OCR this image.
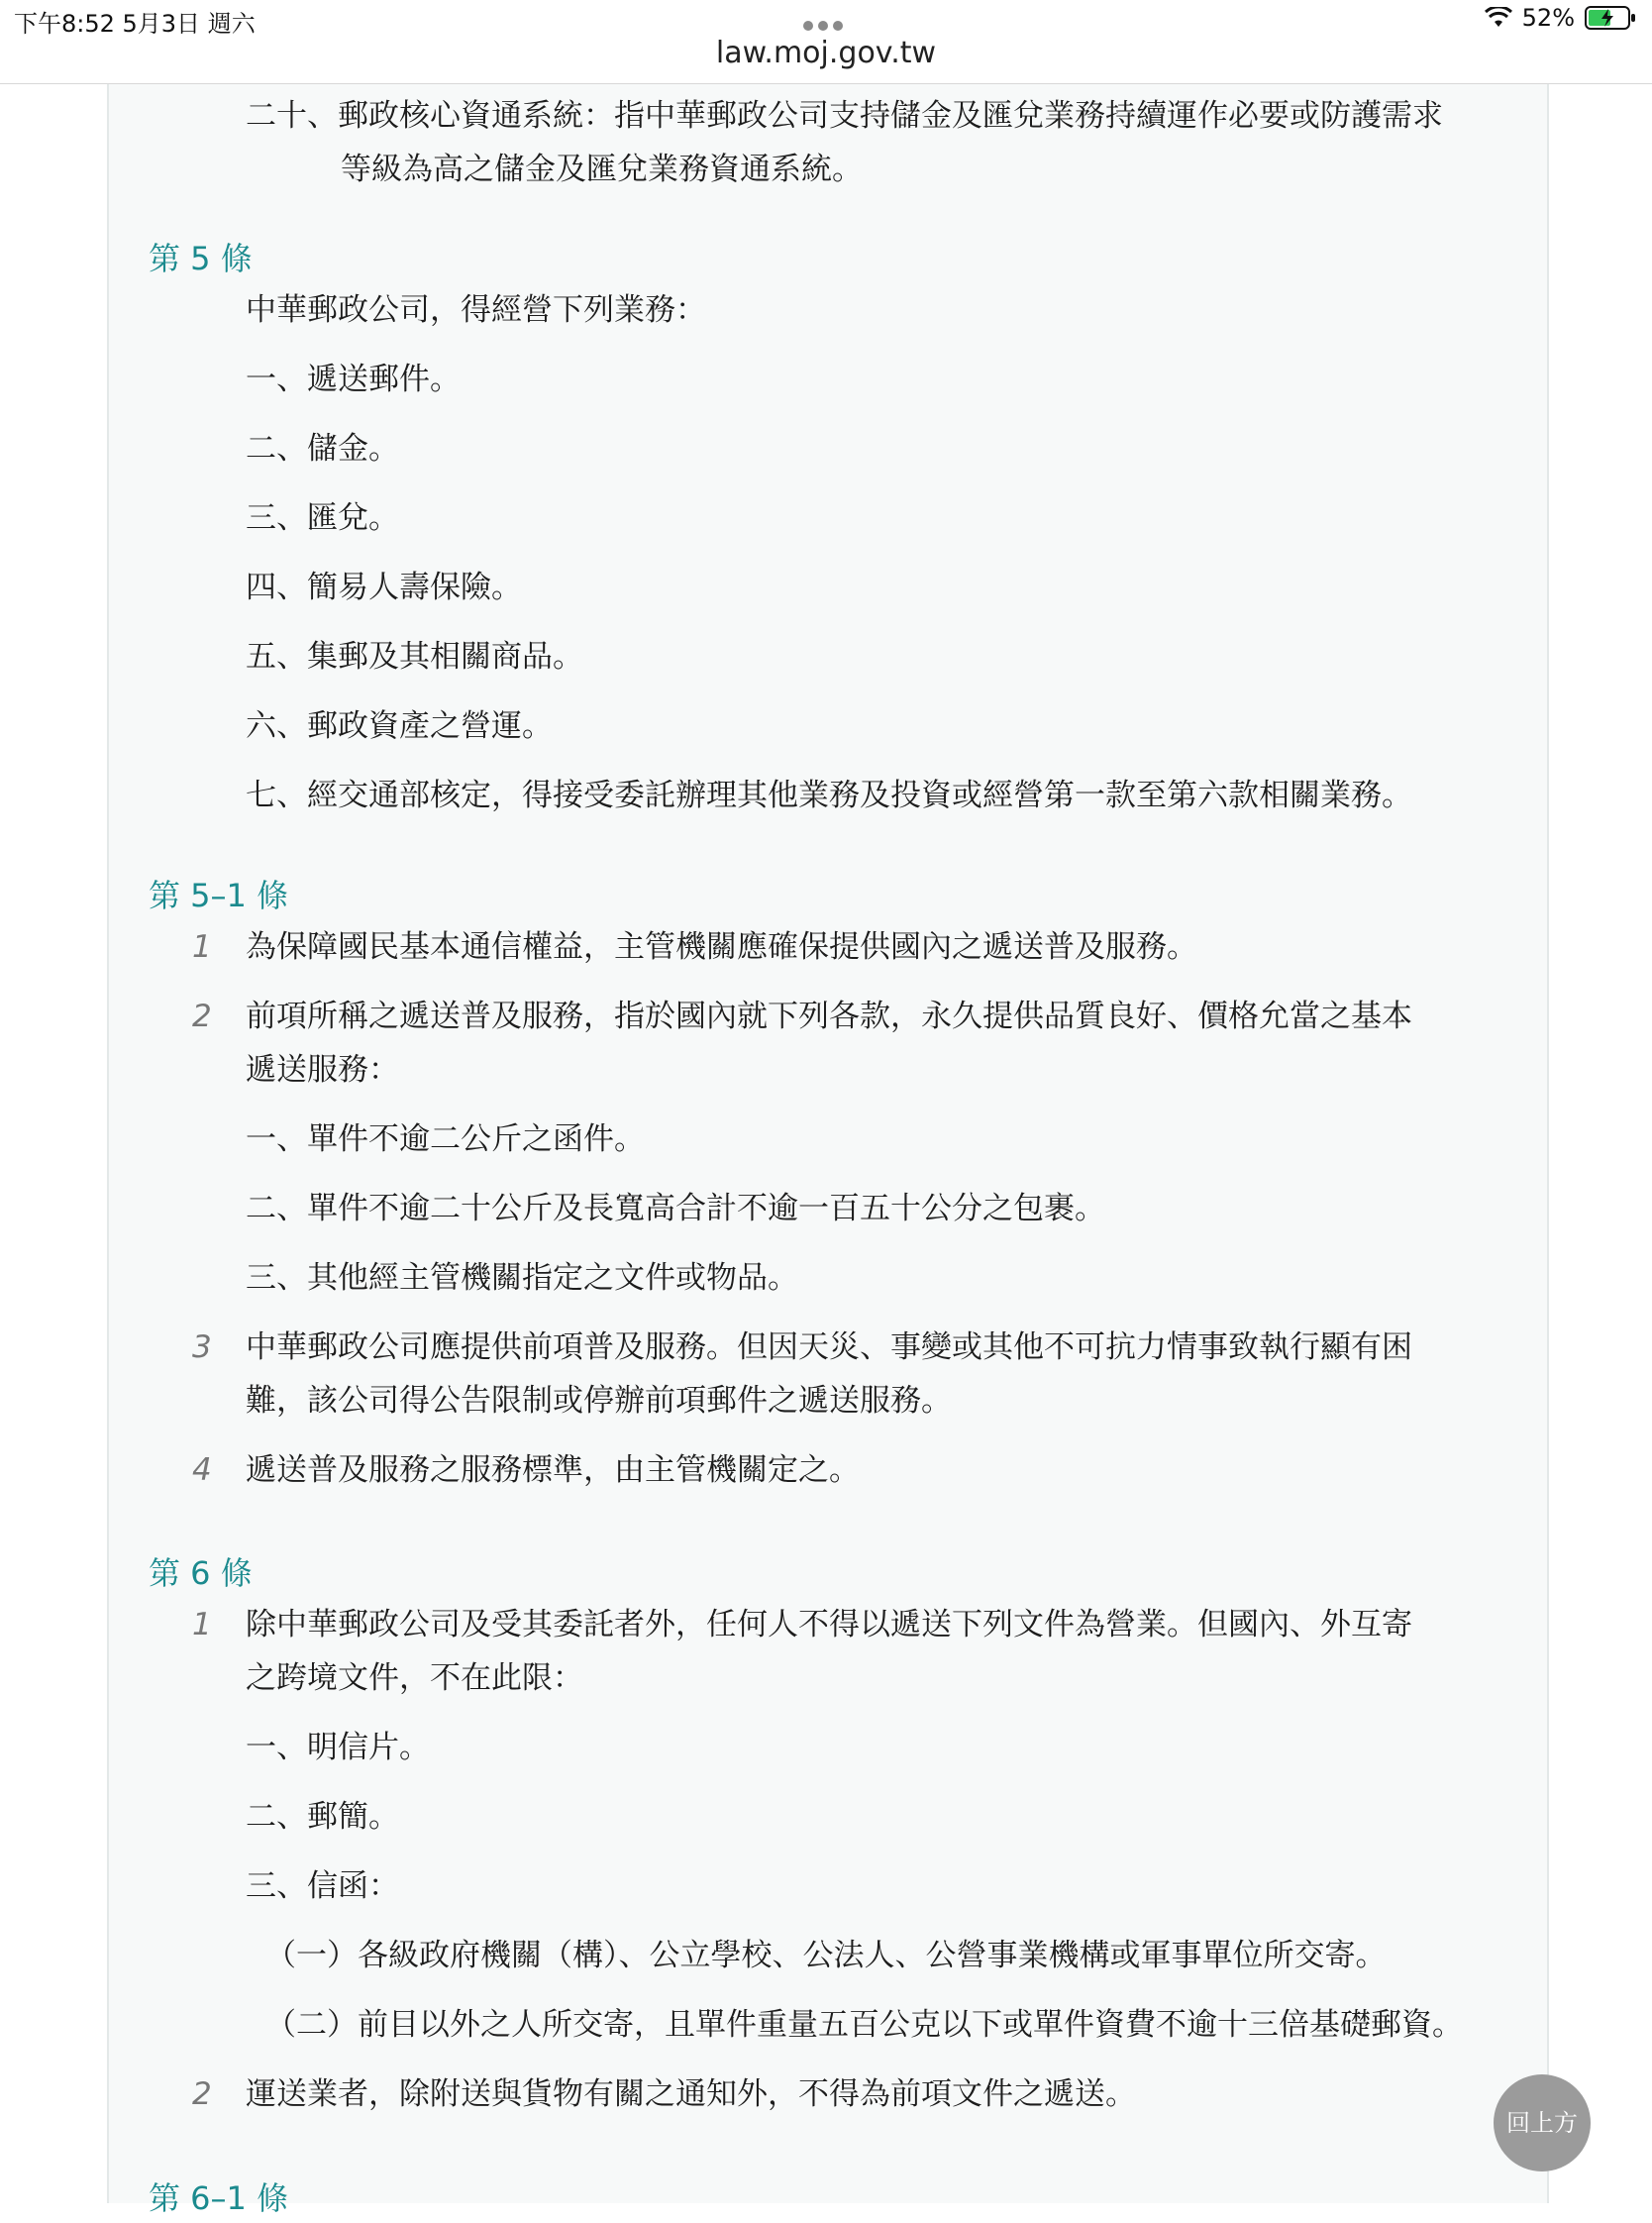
下午8:52 5月3日 週六
law.moj.gov.tw
52%
二十、郵政核心資通系統：指中華郵政公司支持儲金及匯兌業務持續運作必要或防護需求
等級為高之儲金及匯兌業務資通系統。
第 5 條
中華郵政公司，得經營下列業務：
一、遞送郵件。
二、儲金。
三、匯兌。
四、簡易人壽保險。
五、集郵及其相關商品。
六、郵政資產之營運。
七、經交通部核定，得接受委託辦理其他業務及投資或經營第一款至第六款相關業務。
第 5–1 條
1 為保障國民基本通信權益，主管機關應確保提供國內之遞送普及服務。
2 前項所稱之遞送普及服務，指於國內就下列各款，永久提供品質良好、價格允當之基本遞送服務：
一、單件不逾二公斤之函件。
二、單件不逾二十公斤及長寬高合計不逾一百五十公分之包裹。
三、其他經主管機關指定之文件或物品。
3 中華郵政公司應提供前項普及服務。但因天災、事變或其他不可抗力情事致執行顯有困難，該公司得公告限制或停辦前項郵件之遞送服務。
4 遞送普及服務之服務標準，由主管機關定之。
第 6 條
1 除中華郵政公司及受其委託者外，任何人不得以遞送下列文件為營業。但國內、外互寄之跨境文件，不在此限：
一、明信片。
二、郵簡。
三、信函：
（一）各級政府機關（構）、公立學校、公法人、公營事業機構或軍事單位所交寄。
（二）前目以外之人所交寄，且單件重量五百公克以下或單件資費不逾十三倍基礎郵資。
2 運送業者，除附送與貨物有關之通知外，不得為前項文件之遞送。
第 6–1 條
回上方
